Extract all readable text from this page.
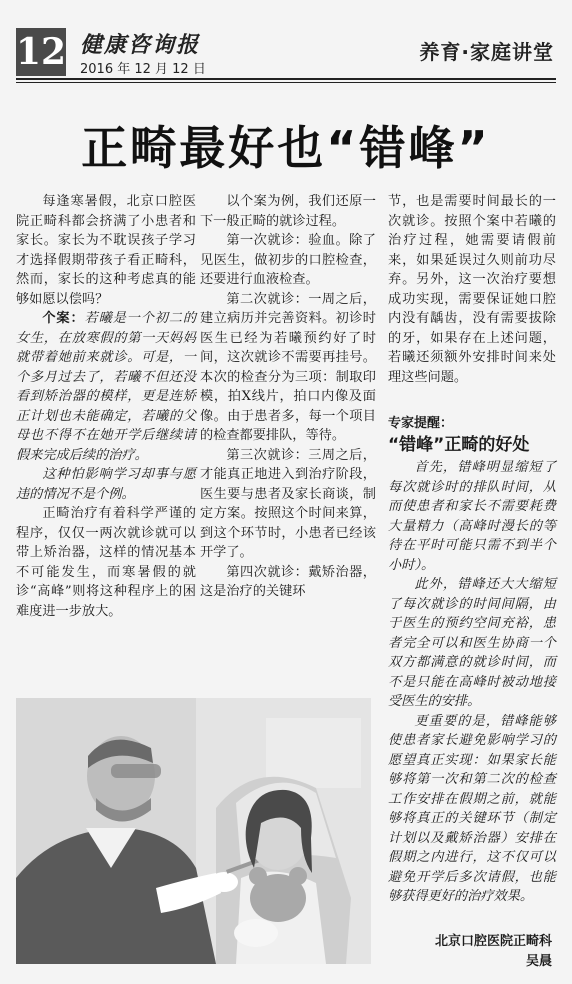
12 健康咨询报
2016 年 12 月 12 日
养育·家庭讲堂
正畸最好也“错峰”

每逢寒暑假，北京口腔医院正畸科都会挤满了小患者和家长。家长为不耽误孩子学习才选择假期带孩子看正畸科，然而，家长的这种考虑真的能够如愿以偿吗？

个案：若曦是一个初二的女生，在放寒假的第一天妈妈就带着她前来就诊。可是，一个多月过去了，若曦不但还没看到矫治器的模样，更是连矫正计划也未能确定，若曦的父母也不得不在她开学后继续请假来完成后续的治疗。

这种怕影响学习却事与愿违的情况不是个例。

正畸治疗有着科学严谨的程序，仅仅一两次就诊就可以带上矫治器，这样的情况基本不可能发生，而寒暑假的就诊“高峰”则将这种程序上的困难度进一步放大。

以个案为例，我们还原一下一般正畸的就诊过程。

第一次就诊：验血。除了见医生，做初步的口腔检查，还要进行血液检查。

第二次就诊：一周之后，建立病历并完善资料。初诊时医生已经为若曦预约好了时间，这次就诊不需要再挂号。本次的检查分为三项：制取印模，拍X线片，拍口内像及面像。由于患者多，每一个项目的检查都要排队，等待。

第三次就诊：三周之后，才能真正地进入到治疗阶段，医生要与患者及家长商谈，制定方案。按照这个时间来算，到这个环节时，小患者已经该开学了。

第四次就诊：戴矫治器，这是治疗的关键环

节，也是需要时间最长的一次就诊。按照个案中若曦的治疗过程，她需要请假前来，如果延误过久则前功尽弃。另外，这一次治疗要想成功实现，需要保证她口腔内没有龋齿，没有需要拔除的牙，如果存在上述问题，若曦还须额外安排时间来处理这些问题。

专家提醒：
“错峰”正畸的好处

首先，错峰明显缩短了每次就诊时的排队时间，从而使患者和家长不需要耗费大量精力（高峰时漫长的等待在平时可能只需不到半个小时）。

此外，错峰还大大缩短了每次就诊的时间间隔，由于医生的预约空间充裕，患者完全可以和医生协商一个双方都满意的就诊时间，而不是只能在高峰时被动地接受医生的安排。

更重要的是，错峰能够使患者家长避免影响学习的愿望真正实现：如果家长能够将第一次和第二次的检查工作安排在假期之前，就能够将真正的关键环节（制定计划以及戴矫治器）安排在假期之内进行，这不仅可以避免开学后多次请假，也能够获得更好的治疗效果。

北京口腔医院正畸科
吴晨
